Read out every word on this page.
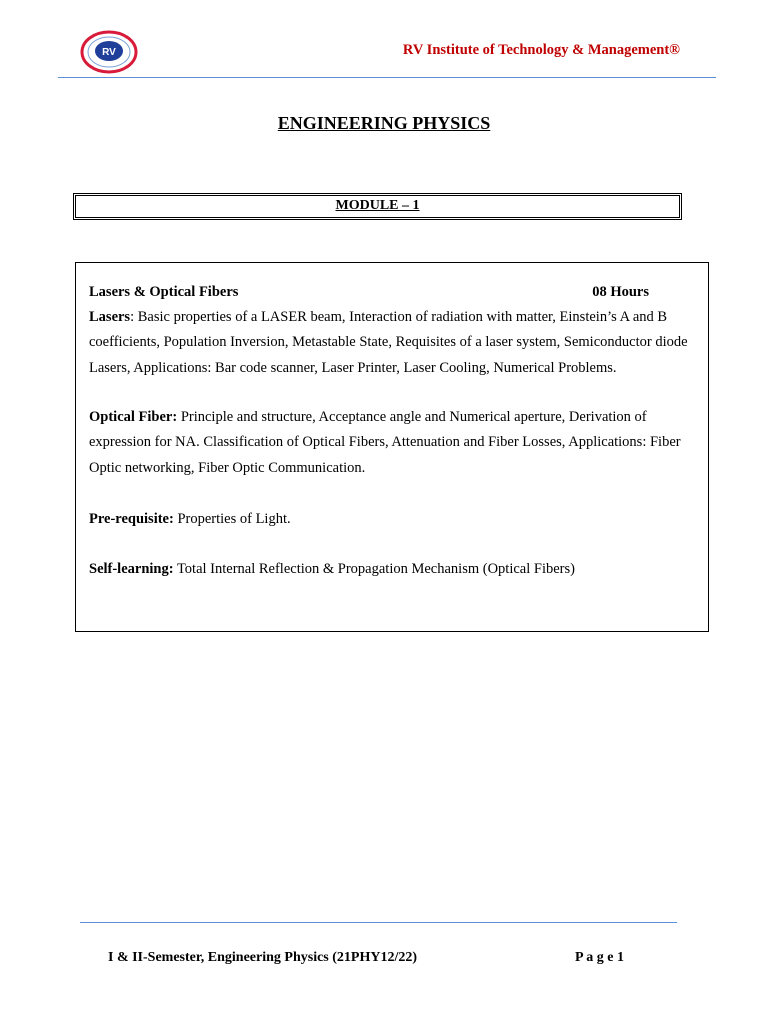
RV	RV Institute of Technology & Management®
ENGINEERING PHYSICS
MODULE – 1
Lasers & Optical Fibers	08 Hours
Lasers: Basic properties of a LASER beam, Interaction of radiation with matter, Einstein’s A and B coefficients, Population Inversion, Metastable State, Requisites of a laser system, Semiconductor diode Lasers, Applications: Bar code scanner, Laser Printer, Laser Cooling, Numerical Problems.
Optical Fiber: Principle and structure, Acceptance angle and Numerical aperture, Derivation of expression for NA. Classification of Optical Fibers, Attenuation and Fiber Losses, Applications: Fiber Optic networking, Fiber Optic Communication.
Pre-requisite: Properties of Light.
Self-learning: Total Internal Reflection & Propagation Mechanism (Optical Fibers)
I & II-Semester, Engineering Physics (21PHY12/22)	P a g e 1
